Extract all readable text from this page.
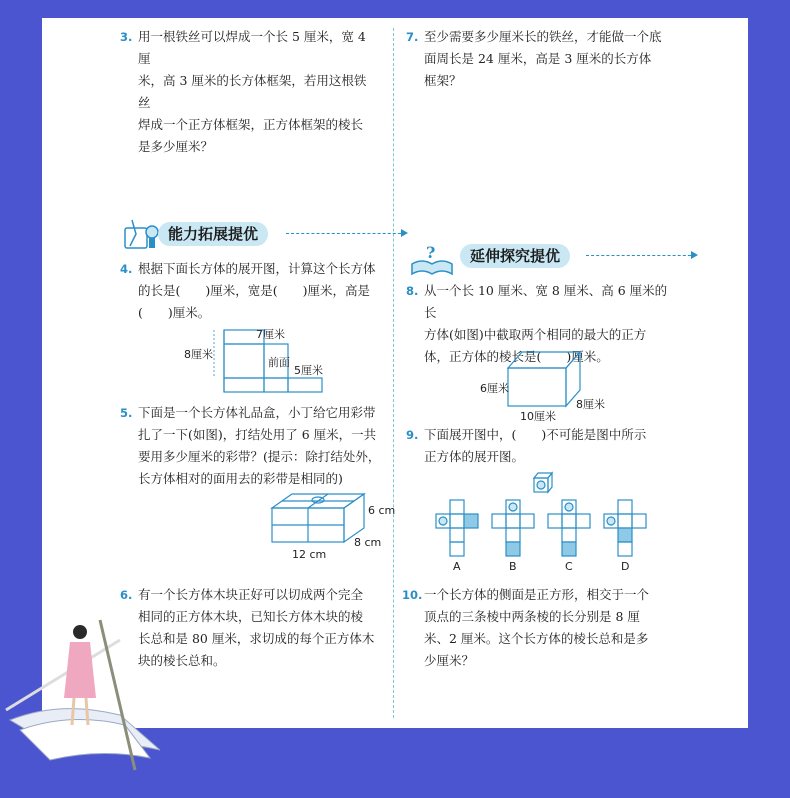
3. 用一根铁丝可以焊成一个长 5 厘米，宽 4 厘

米，高 3 厘米的长方体框架，若用这根铁丝

焊成一个正方体框架，正方体框架的棱长

是多少厘米？

能力拓展提优
4. 根据下面长方体的展开图，计算这个长方体

的长是(　　)厘米，宽是(　　)厘米，高是

(　　)厘米。

7厘米
8厘米
前面
5厘米
5. 下面是一个长方体礼品盒，小丁给它用彩带

扎了一下(如图)，打结处用了 6 厘米，一共

要用多少厘米的彩带？(提示：除打结处外，

长方体相对的面用去的彩带是相同的)

6 cm
8 cm
12 cm
6. 有一个长方体木块正好可以切成两个完全

相同的正方体木块，已知长方体木块的棱

长总和是 80 厘米，求切成的每个正方体木

块的棱长总和。

7. 至少需要多少厘米长的铁丝，才能做一个底

面周长是 24 厘米，高是 3 厘米的长方体

框架？

?	延伸探究提优
8. 从一个长 10 厘米、宽 8 厘米、高 6 厘米的长

方体(如图)中截取两个相同的最大的正方

体，正方体的棱长是(　　)厘米。

6厘米
8厘米
10厘米
9. 下面展开图中，(　　)不可能是图中所示

正方体的展开图。

A	B	C	D
10. 一个长方体的侧面是正方形，相交于一个

顶点的三条棱中两条棱的长分别是 8 厘

米、2 厘米。这个长方体的棱长总和是多

少厘米？
